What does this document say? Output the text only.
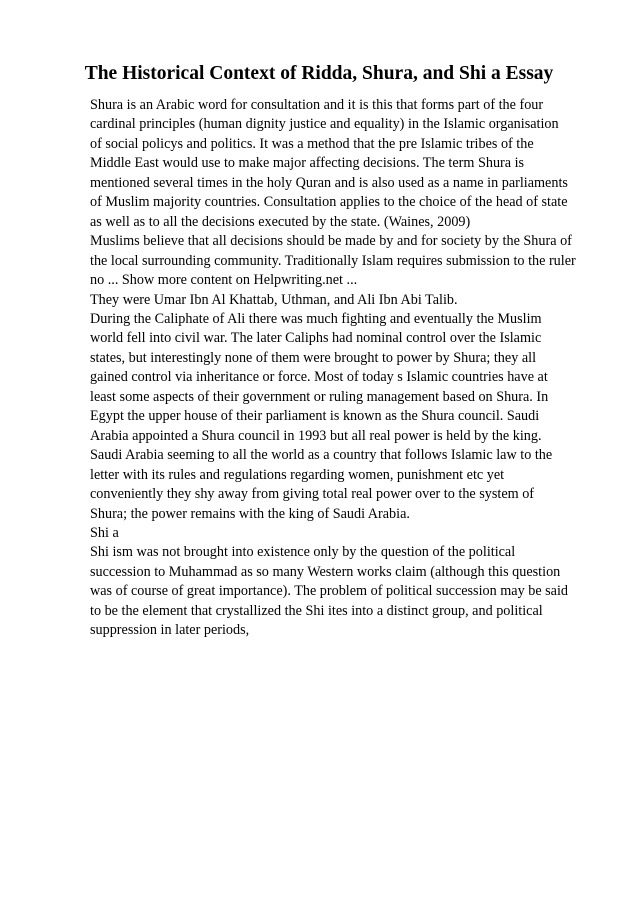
The Historical Context of Ridda, Shura, and Shi a Essay
Shura is an Arabic word for consultation and it is this that forms part of the four
cardinal principles (human dignity justice and equality) in the Islamic organisation
of social policys and politics. It was a method that the pre Islamic tribes of the
Middle East would use to make major affecting decisions. The term Shura is
mentioned several times in the holy Quran and is also used as a name in parliaments
of Muslim majority countries. Consultation applies to the choice of the head of state
as well as to all the decisions executed by the state. (Waines, 2009)
Muslims believe that all decisions should be made by and for society by the Shura of
the local surrounding community. Traditionally Islam requires submission to the ruler
no ... Show more content on Helpwriting.net ...
They were Umar Ibn Al Khattab, Uthman, and Ali Ibn Abi Talib.
During the Caliphate of Ali there was much fighting and eventually the Muslim
world fell into civil war. The later Caliphs had nominal control over the Islamic
states, but interestingly none of them were brought to power by Shura; they all
gained control via inheritance or force. Most of today s Islamic countries have at
least some aspects of their government or ruling management based on Shura. In
Egypt the upper house of their parliament is known as the Shura council. Saudi
Arabia appointed a Shura council in 1993 but all real power is held by the king.
Saudi Arabia seeming to all the world as a country that follows Islamic law to the
letter with its rules and regulations regarding women, punishment etc yet
conveniently they shy away from giving total real power over to the system of
Shura; the power remains with the king of Saudi Arabia.
Shi a
Shi ism was not brought into existence only by the question of the political
succession to Muhammad as so many Western works claim (although this question
was of course of great importance). The problem of political succession may be said
to be the element that crystallized the Shi ites into a distinct group, and political
suppression in later periods,
